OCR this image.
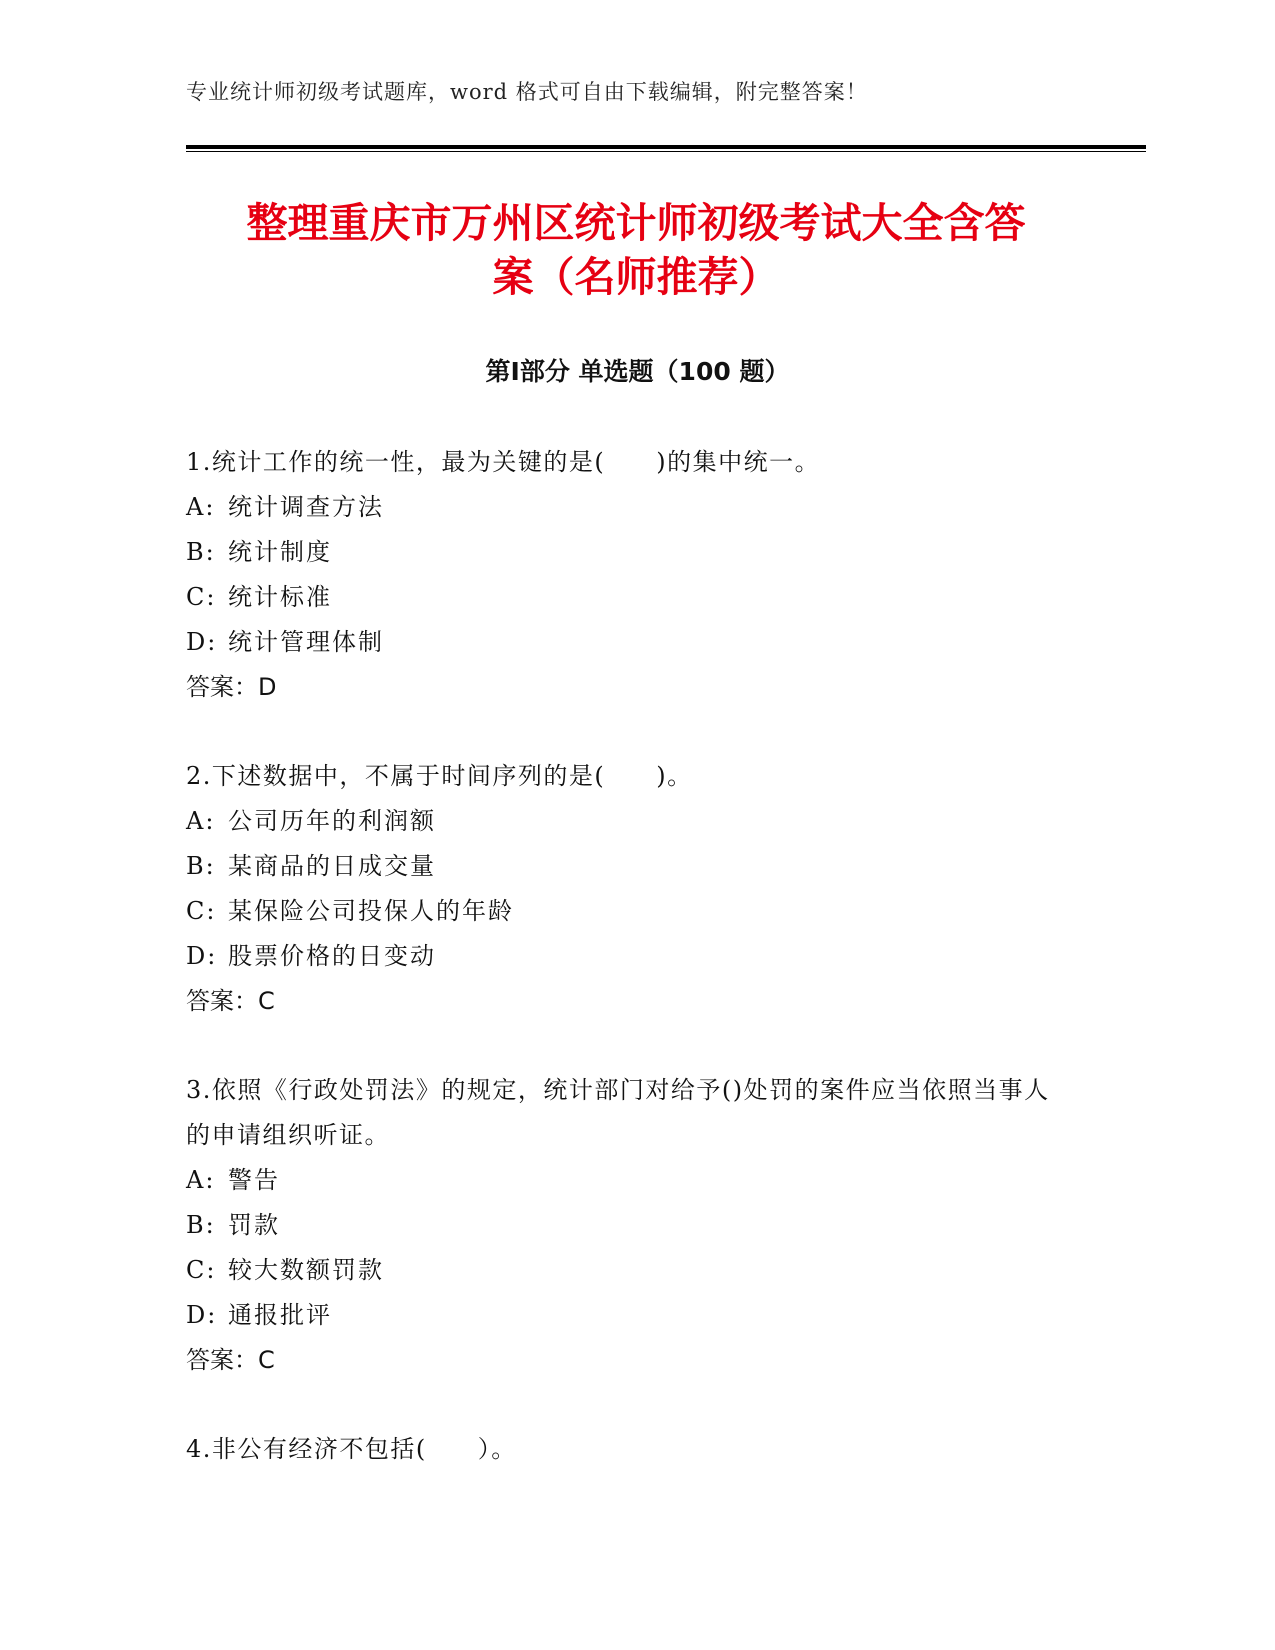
专业统计师初级考试题库，word 格式可自由下载编辑，附完整答案！
整理重庆市万州区统计师初级考试大全含答
案（名师推荐）
第Ⅰ部分 单选题（100 题）
1.统计工作的统一性，最为关键的是(　　)的集中统一。
A: 统计调查方法
B: 统计制度
C: 统计标准
D: 统计管理体制
答案：D
2.下述数据中，不属于时间序列的是(　　)。
A: 公司历年的利润额
B: 某商品的日成交量
C: 某保险公司投保人的年龄
D: 股票价格的日变动
答案：C
3.依照《行政处罚法》的规定，统计部门对给予()处罚的案件应当依照当事人的申请组织听证。
A: 警告
B: 罚款
C: 较大数额罚款
D: 通报批评
答案：C
4.非公有经济不包括(　　）。
